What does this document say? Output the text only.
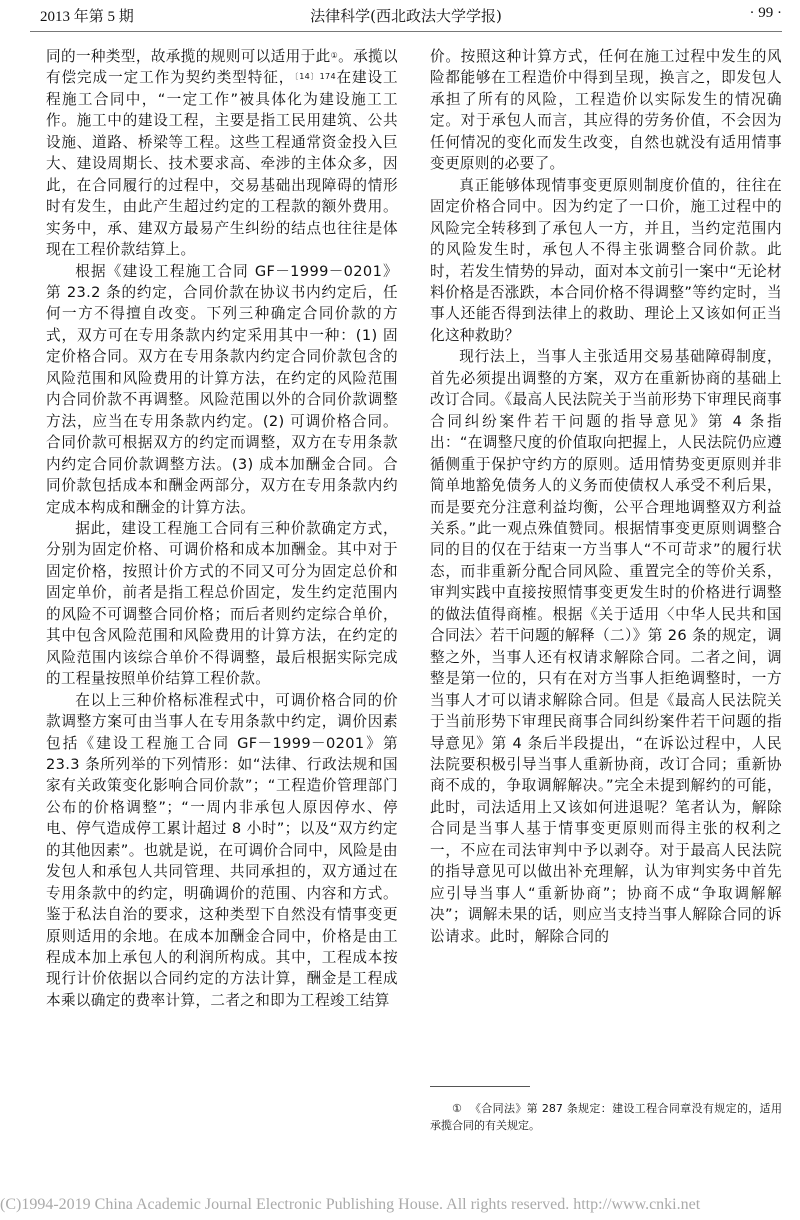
2013 年第 5 期	法律科学(西北政法大学学报)	· 99 ·

同的一种类型，故承揽的规则可以适用于此①。承揽以有偿完成一定工作为契约类型特征，$^{〔14〕174}$在建设工程施工合同中，“一定工作”被具体化为建设施工工作。施工中的建设工程，主要是指工民用建筑、公共设施、道路、桥梁等工程。这些工程通常资金投入巨大、建设周期长、技术要求高、牵涉的主体众多，因此，在合同履行的过程中，交易基础出现障碍的情形时有发生，由此产生超过约定的工程款的额外费用。实务中，承、建双方最易产生纠纷的结点也往往是体现在工程价款结算上。

根据《建设工程施工合同 GF－1999－0201》第 23.2 条的约定，合同价款在协议书内约定后，任何一方不得擅自改变。下列三种确定合同价款的方式，双方可在专用条款内约定采用其中一种：(1) 固定价格合同。双方在专用条款内约定合同价款包含的风险范围和风险费用的计算方法，在约定的风险范围内合同价款不再调整。风险范围以外的合同价款调整方法，应当在专用条款内约定。(2) 可调价格合同。合同价款可根据双方的约定而调整，双方在专用条款内约定合同价款调整方法。(3) 成本加酬金合同。合同价款包括成本和酬金两部分，双方在专用条款内约定成本构成和酬金的计算方法。

据此，建设工程施工合同有三种价款确定方式，分别为固定价格、可调价格和成本加酬金。其中对于固定价格，按照计价方式的不同又可分为固定总价和固定单价，前者是指工程总价固定，发生约定范围内的风险不可调整合同价格；而后者则约定综合单价，其中包含风险范围和风险费用的计算方法，在约定的风险范围内该综合单价不得调整，最后根据实际完成的工程量按照单价结算工程价款。

在以上三种价格标准程式中，可调价格合同的价款调整方案可由当事人在专用条款中约定，调价因素包括《建设工程施工合同 GF－1999－0201》第 23.3 条所列举的下列情形：如“法律、行政法规和国家有关政策变化影响合同价款”；“工程造价管理部门公布的价格调整”；“一周内非承包人原因停水、停电、停气造成停工累计超过 8 小时”；以及“双方约定的其他因素”。也就是说，在可调价合同中，风险是由发包人和承包人共同管理、共同承担的，双方通过在专用条款中的约定，明确调价的范围、内容和方式。鉴于私法自治的要求，这种类型下自然没有情事变更原则适用的余地。在成本加酬金合同中，价格是由工程成本加上承包人的利润所构成。其中，工程成本按现行计价依据以合同约定的方法计算，酬金是工程成本乘以确定的费率计算，二者之和即为工程竣工结算

价。按照这种计算方式，任何在施工过程中发生的风险都能够在工程造价中得到呈现，换言之，即发包人承担了所有的风险，工程造价以实际发生的情况确定。对于承包人而言，其应得的劳务价值，不会因为任何情况的变化而发生改变，自然也就没有适用情事变更原则的必要了。

真正能够体现情事变更原则制度价值的，往往在固定价格合同中。因为约定了一口价，施工过程中的风险完全转移到了承包人一方，并且，当约定范围内的风险发生时，承包人不得主张调整合同价款。此时，若发生情势的异动，面对本文前引一案中“无论材料价格是否涨跌，本合同价格不得调整”等约定时，当事人还能否得到法律上的救助、理论上又该如何正当化这种救助？

现行法上，当事人主张适用交易基础障碍制度，首先必须提出调整的方案，双方在重新协商的基础上改订合同。《最高人民法院关于当前形势下审理民商事合同纠纷案件若干问题的指导意见》第 4 条指出：“在调整尺度的价值取向把握上，人民法院仍应遵循侧重于保护守约方的原则。适用情势变更原则并非简单地豁免债务人的义务而使债权人承受不利后果，而是要充分注意利益均衡，公平合理地调整双方利益关系。”此一观点殊值赞同。根据情事变更原则调整合同的目的仅在于结束一方当事人“不可苛求”的履行状态，而非重新分配合同风险、重置完全的等价关系，审判实践中直接按照情事变更发生时的价格进行调整的做法值得商榷。根据《关于适用〈中华人民共和国合同法〉若干问题的解释（二）》第 26 条的规定，调整之外，当事人还有权请求解除合同。二者之间，调整是第一位的，只有在对方当事人拒绝调整时，一方当事人才可以请求解除合同。但是《最高人民法院关于当前形势下审理民商事合同纠纷案件若干问题的指导意见》第 4 条后半段提出，“在诉讼过程中，人民法院要积极引导当事人重新协商，改订合同；重新协商不成的，争取调解解决。”完全未提到解约的可能，此时，司法适用上又该如何进退呢？笔者认为，解除合同是当事人基于情事变更原则而得主张的权利之一，不应在司法审判中予以剥夺。对于最高人民法院的指导意见可以做出补充理解，认为审判实务中首先应引导当事人“重新协商”；协商不成“争取调解解决”；调解未果的话，则应当支持当事人解除合同的诉讼请求。此时，解除合同的

① 《合同法》第 287 条规定：建设工程合同章没有规定的，适用承揽合同的有关规定。
(C)1994-2019 China Academic Journal Electronic Publishing House. All rights reserved. http://www.cnki.net
